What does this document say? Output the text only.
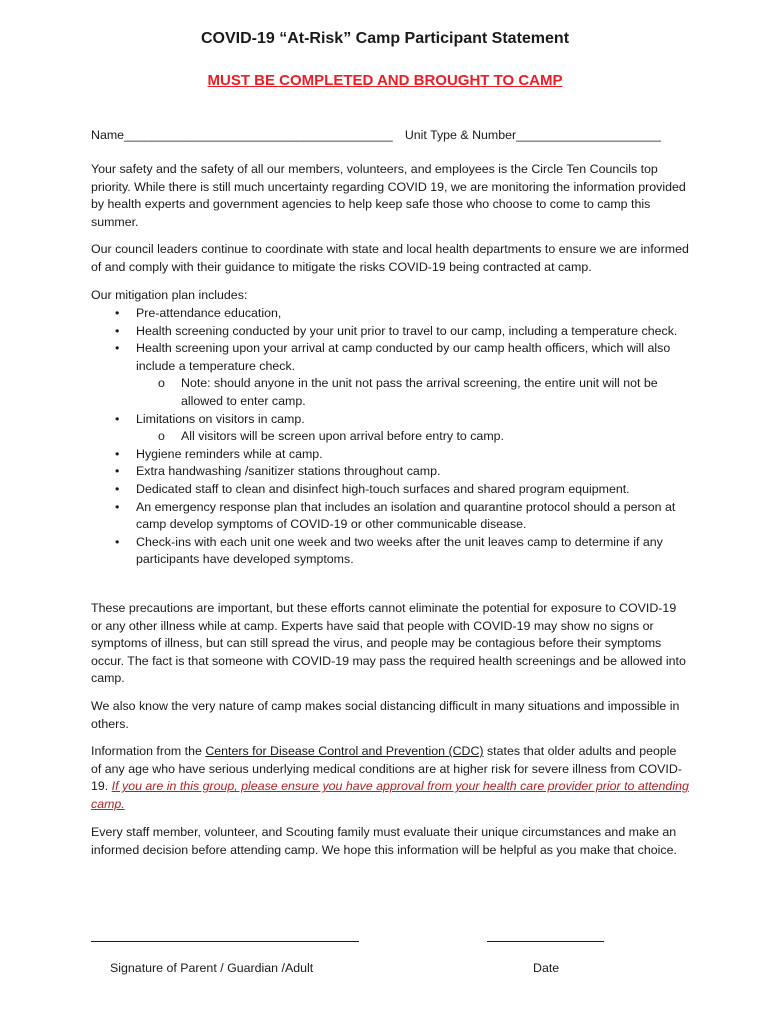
COVID-19 “At-Risk” Camp Participant Statement
MUST BE COMPLETED AND BROUGHT TO CAMP
Name_______________________________________ Unit Type & Number_____________________

Your safety and the safety of all our members, volunteers, and employees is the Circle Ten Councils top priority. While there is still much uncertainty regarding COVID 19, we are monitoring the information provided by health experts and government agencies to help keep safe those who choose to come to camp this summer.

Our council leaders continue to coordinate with state and local health departments to ensure we are informed of and comply with their guidance to mitigate the risks COVID-19 being contracted at camp.

Our mitigation plan includes:

• Pre-attendance education,
• Health screening conducted by your unit prior to travel to our camp, including a temperature check.
• Health screening upon your arrival at camp conducted by our camp health officers, which will also include a temperature check.
o Note: should anyone in the unit not pass the arrival screening, the entire unit will not be allowed to enter camp.
• Limitations on visitors in camp.
o All visitors will be screen upon arrival before entry to camp.
• Hygiene reminders while at camp.
• Extra handwashing /sanitizer stations throughout camp.
• Dedicated staff to clean and disinfect high-touch surfaces and shared program equipment.
• An emergency response plan that includes an isolation and quarantine protocol should a person at camp develop symptoms of COVID-19 or other communicable disease.
• Check-ins with each unit one week and two weeks after the unit leaves camp to determine if any participants have developed symptoms.

These precautions are important, but these efforts cannot eliminate the potential for exposure to COVID-19 or any other illness while at camp. Experts have said that people with COVID-19 may show no signs or symptoms of illness, but can still spread the virus, and people may be contagious before their symptoms occur. The fact is that someone with COVID-19 may pass the required health screenings and be allowed into camp.

We also know the very nature of camp makes social distancing difficult in many situations and impossible in others.

Information from the Centers for Disease Control and Prevention (CDC) states that older adults and people of any age who have serious underlying medical conditions are at higher risk for severe illness from COVID-19. If you are in this group, please ensure you have approval from your health care provider prior to attending camp.

Every staff member, volunteer, and Scouting family must evaluate their unique circumstances and make an informed decision before attending camp. We hope this information will be helpful as you make that choice.

Signature of Parent / Guardian /Adult	Date
